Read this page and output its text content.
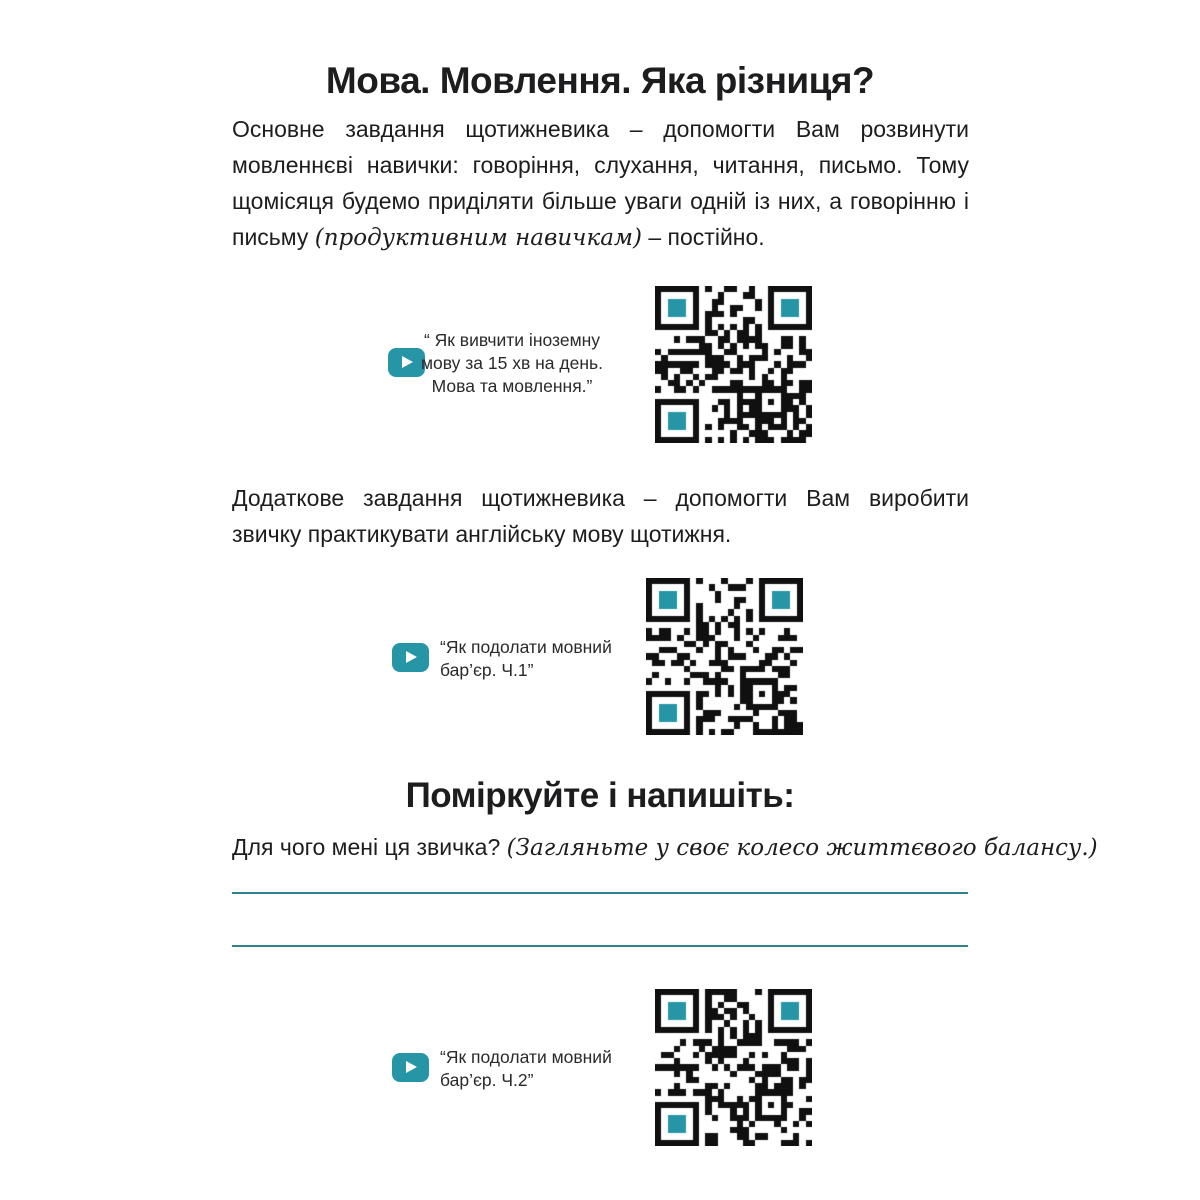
Мова. Мовлення. Яка різниця?

Основне завдання щотижневика – допомогти Вам розвинути мовленнєві навички: говоріння, слухання, читання, письмо. Тому щомісяця будемо приділяти більше уваги одній із них, а говорінню і письму (продуктивним навичкам) – постійно.

“ Як вивчити іноземну
мову за 15 хв на день.
Мова та мовлення.”

Додаткове завдання щотижневика – допомогти Вам виробити звичку практикувати англійську мову щотижня.

“Як подолати мовний
бар’єр. Ч.1”
Поміркуйте і напишіть:

Для чого мені ця звичка? (Загляньте у своє колесо життєвого балансу.)

“Як подолати мовний
бар’єр. Ч.2”
